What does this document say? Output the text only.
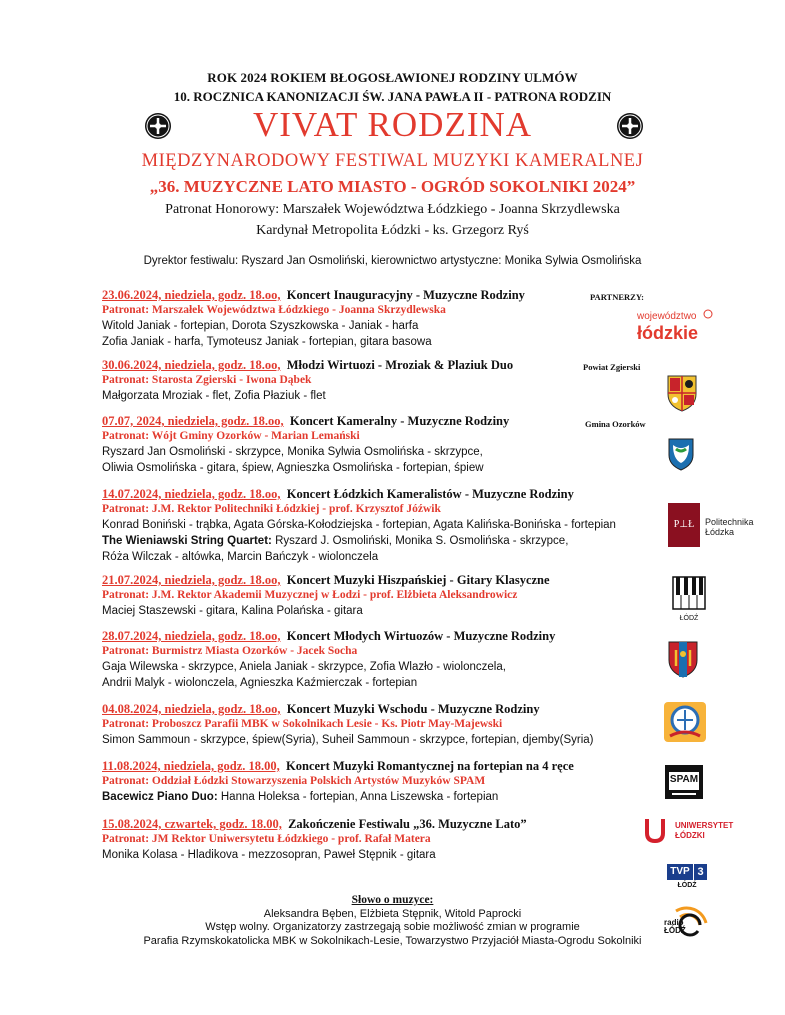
ROK 2024 ROKIEM BŁOGOSŁAWIONEJ RODZINY ULMÓW
10. ROCZNICA KANONIZACJI ŚW. JANA PAWŁA II - PATRONA RODZIN
VIVAT RODZINA
MIĘDZYNARODOWY FESTIWAL MUZYKI KAMERALNEJ
„36. MUZYCZNE LATO MIASTO - OGRÓD SOKOLNIKI 2024”
Patronat Honorowy: Marszałek Województwa Łódzkiego - Joanna Skrzydlewska
Kardynał Metropolita Łódzki - ks. Grzegorz Ryś
Dyrektor festiwalu: Ryszard Jan Osmoliński, kierownictwo artystyczne: Monika Sylwia Osmolińska
23.06.2024, niedziela, godz. 18.oo, Koncert Inauguracyjny - Muzyczne Rodziny
Patronat: Marszałek Województwa Łódzkiego - Joanna Skrzydlewska
Witold Janiak - fortepian, Dorota Szyszkowska - Janiak - harfa
Zofia Janiak - harfa, Tymoteusz Janiak - fortepian, gitara basowa
30.06.2024, niedziela, godz. 18.oo, Młodzi Wirtuozi - Mroziak & Plaziuk Duo
Patronat: Starosta Zgierski - Iwona Dąbek
Małgorzata Mroziak - flet, Zofia Płaziuk - flet
07.07, 2024, niedziela, godz. 18.oo, Koncert Kameralny - Muzyczne Rodziny
Patronat: Wójt Gminy Ozorków - Marian Lemański
Ryszard Jan Osmoliński - skrzypce, Monika Sylwia Osmolińska - skrzypce,
Oliwia Osmolińska - gitara, śpiew, Agnieszka Osmolińska - fortepian, śpiew
14.07.2024, niedziela, godz. 18.oo, Koncert Łódzkich Kameralistów - Muzyczne Rodziny
Patronat: J.M. Rektor Politechniki Łódzkiej - prof. Krzysztof Jóźwik
Konrad Boniński - trąbka, Agata Górska-Kołodziejska - fortepian, Agata Kalińska-Bonińska - fortepian
The Wieniawski String Quartet: Ryszard J. Osmoliński, Monika S. Osmolińska - skrzypce,
Róża Wilczak - altówka, Marcin Bańczyk - wiolonczela
21.07.2024, niedziela, godz. 18.oo, Koncert Muzyki Hiszpańskiej - Gitary Klasyczne
Patronat: J.M. Rektor Akademii Muzycznej w Łodzi - prof. Elżbieta Aleksandrowicz
Maciej Staszewski - gitara, Kalina Polańska - gitara
28.07.2024, niedziela, godz. 18.oo, Koncert Młodych Wirtuozów - Muzyczne Rodziny
Patronat: Burmistrz Miasta Ozorków - Jacek Socha
Gaja Wilewska - skrzypce, Aniela Janiak - skrzypce, Zofia Wlazło - wiolonczela,
Andrii Malyk - wiolonczela, Agnieszka Kaźmierczak - fortepian
04.08.2024, niedziela, godz. 18.oo, Koncert Muzyki Wschodu - Muzyczne Rodziny
Patronat: Proboszcz Parafii MBK w Sokolnikach Lesie - Ks. Piotr May-Majewski
Simon Sammoun - skrzypce, śpiew(Syria), Suheil Sammoun - skrzypce, fortepian, djemby(Syria)
11.08.2024, niedziela, godz. 18.00, Koncert Muzyki Romantycznej na fortepian na 4 ręce
Patronat: Oddział Łódzki Stowarzyszenia Polskich Artystów Muzyków SPAM
Bacewicz Piano Duo: Hanna Holeksa - fortepian, Anna Liszewska - fortepian
15.08.2024, czwartek, godz. 18.00, Zakończenie Festiwalu „36. Muzyczne Lato”
Patronat: JM Rektor Uniwersytetu Łódzkiego - prof. Rafał Matera
Monika Kolasa - Hladikova - mezzosopran, Paweł Stępnik - gitara
PARTNERZY:
województwo
łódzkie
Powiat Zgierski
Gmina Ozorków
P⊥Ł	Politechnika
Łódzka
ŁÓDŹ
SPAM
UNIWERSYTET
ŁÓDZKI
TVP 3
ŁÓDŹ
radio
ŁÓDŹ
Słowo o muzyce:
Aleksandra Bęben, Elżbieta Stępnik, Witold Paprocki
Wstęp wolny. Organizatorzy zastrzegają sobie możliwość zmian w programie
Parafia Rzymskokatolicka MBK w Sokolnikach-Lesie, Towarzystwo Przyjaciół Miasta-Ogrodu Sokolniki
